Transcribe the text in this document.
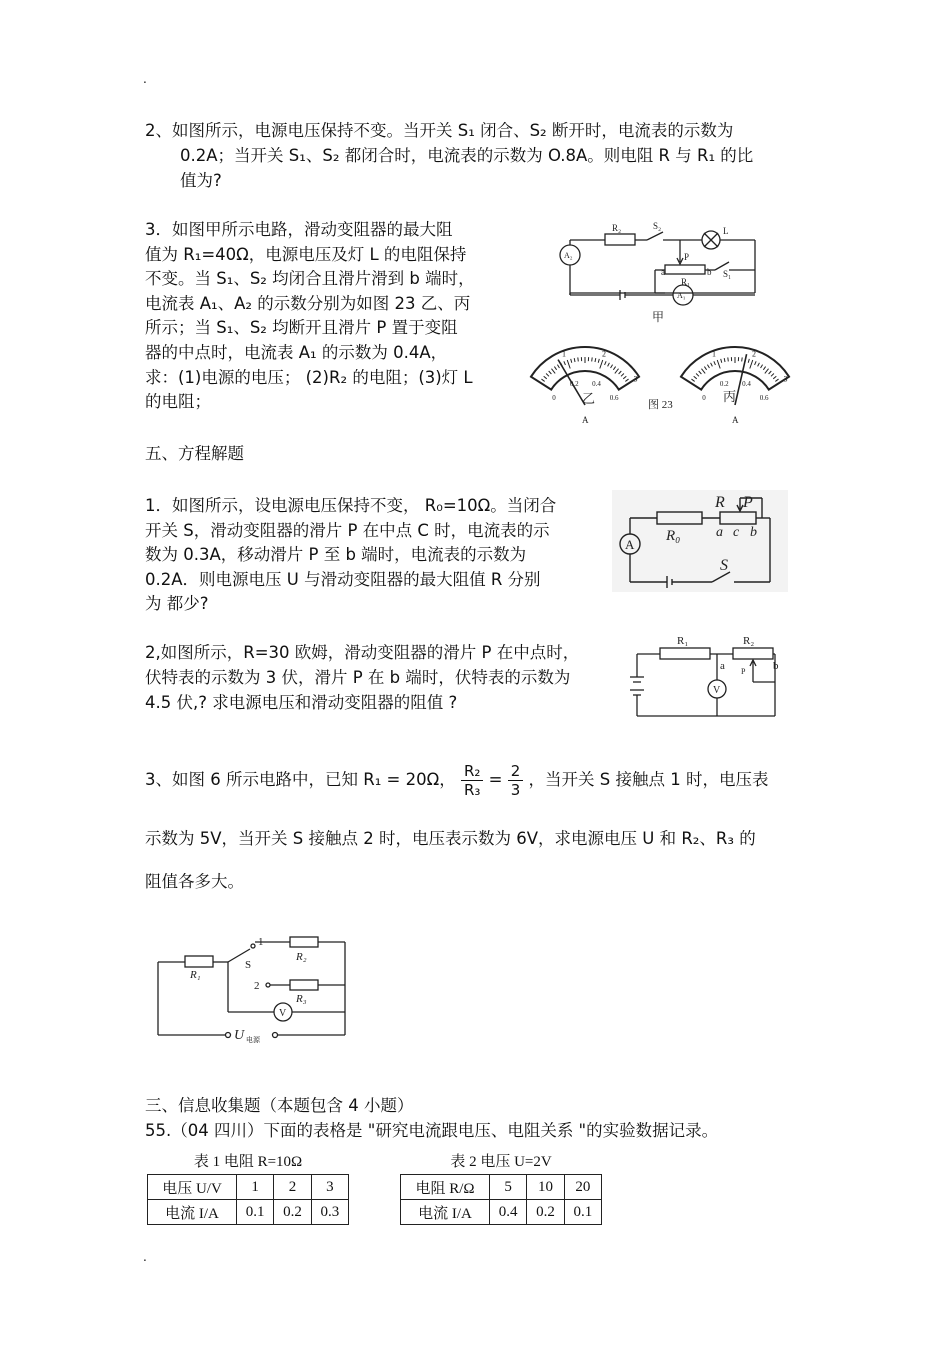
.
.
2、如图所示，电源电压保持不变。当开关 S₁ 闭合、S₂ 断开时，电流表的示数为
0.2A；当开关 S₁、S₂ 都闭合时，电流表的示数为 O.8A。则电阻 R 与 R₁ 的比
值为?
3．如图甲所示电路，滑动变阻器的最大阻
值为 R₁=40Ω，电源电压及灯 L 的电阻保持
不变。当 S₁、S₂ 均闭合且滑片滑到 b 端时，
电流表 A₁、A₂ 的示数分别为如图 23 乙、丙
所示；当 S₁、S₂ 均断开且滑片 P 置于变阻
器的中点时，电流表 A₁ 的示数为 0.4A，
求：(1)电源的电压； (2)R₂ 的电阻；(3)灯 L
的电阻；
R₂	S₂	L
A₂	P
a	b
R₁
S₁
A₁
甲
1	2
3
0
0.2 0.4
0.6
A
1	2
3
0
0.2 0.4
0.6
A
乙	丙
图 23
五、方程解题
1．如图所示，设电源电压保持不变， R₀=10Ω。当闭合
开关 S，滑动变阻器的滑片 P 在中点 C 时，电流表的示
数为 0.3A，移动滑片 P 至 b 端时，电流表的示数为
0.2A．则电源电压 U 与滑动变阻器的最大阻值 R 分别
为 都少?
R P
R₀	a c b
A
S
2,如图所示，R=30 欧姆，滑动变阻器的滑片 P 在中点时，
伏特表的示数为 3 伏，滑片 P 在 b 端时，伏特表的示数为
4.5 伏,? 求电源电压和滑动变阻器的阻值 ?
R₁	R₂
a	b
P
V
3、如图 6 所示电路中，已知 R₁ = 20Ω， $\frac{\text{R₂}}{\text{R₃}} = \frac{2}{3}$ ，当开关 S 接触点 1 时，电压表
示数为 5V，当开关 S 接触点 2 时，电压表示数为 6V，求电源电压 U 和 R₂、R₃ 的
阻值各多大。
1
2
S
R₁
R₂
R₃
V
U 电源
三、信息收集题（本题包含 4 小题）
55.（04 四川）下面的表格是 "研究电流跟电压、电阻关系 "的实验数据记录。
表 1 电阻 R=10Ω
电压 U/V	1	2	3
电流 I/A	0.1	0.2	0.3
表 2 电压 U=2V
电阻 R/Ω	5	10	20
电流 I/A	0.4	0.2	0.1
